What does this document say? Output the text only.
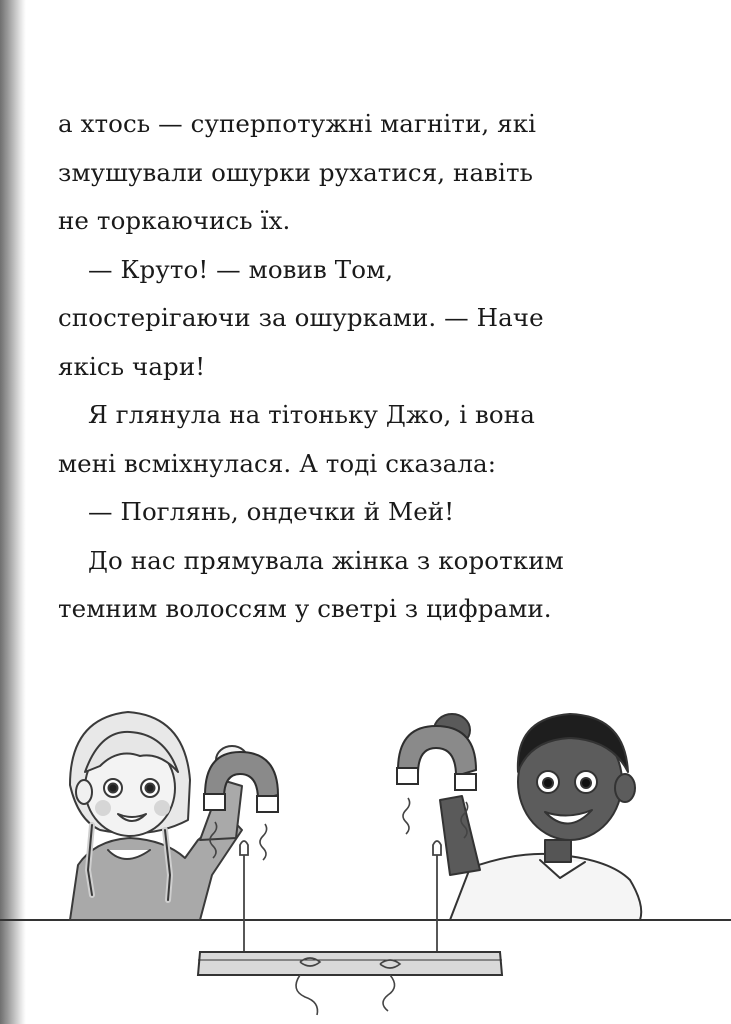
а хтось — суперпотужні магніти, які
змушували ошурки рухатися, навіть
не торкаючись їх.
— Круто! — мовив Том,
спостерігаючи за ошурками. — Наче
якісь чари!
Я глянула на тітоньку Джо, і вона
мені всміхнулася. А тоді сказала:
— Поглянь, ондечки й Мей!
До нас прямувала жінка з коротким
темним волоссям у светрі з цифрами.
